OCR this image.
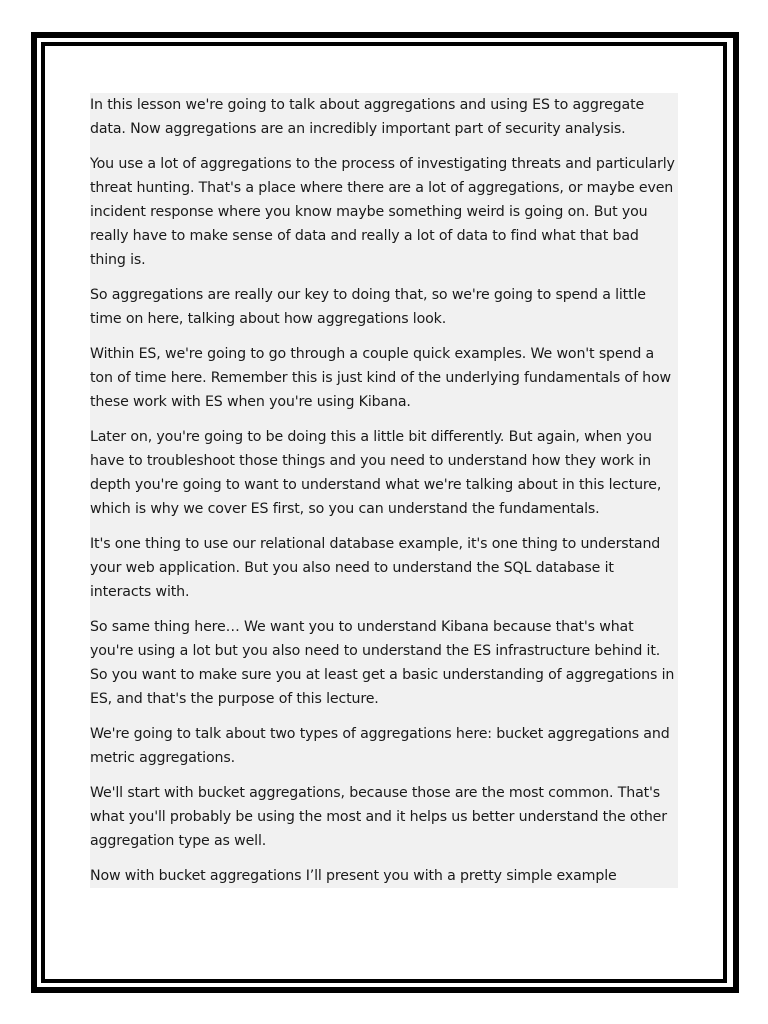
In this lesson we're going to talk about aggregations and using ES to aggregate data. Now aggregations are an incredibly important part of security analysis.

You use a lot of aggregations to the process of investigating threats and particularly threat hunting. That's a place where there are a lot of aggregations, or maybe even incident response where you know maybe something weird is going on. But you really have to make sense of data and really a lot of data to find what that bad thing is.

So aggregations are really our key to doing that, so we're going to spend a little time on here, talking about how aggregations look.

Within ES, we're going to go through a couple quick examples. We won't spend a ton of time here. Remember this is just kind of the underlying fundamentals of how these work with ES when you're using Kibana.

Later on, you're going to be doing this a little bit differently. But again, when you have to troubleshoot those things and you need to understand how they work in depth you're going to want to understand what we're talking about in this lecture, which is why we cover ES first, so you can understand the fundamentals.

It's one thing to use our relational database example, it's one thing to understand your web application. But you also need to understand the SQL database it interacts with.

So same thing here… We want you to understand Kibana because that's what you're using a lot but you also need to understand the ES infrastructure behind it. So you want to make sure you at least get a basic understanding of aggregations in ES, and that's the purpose of this lecture.

We're going to talk about two types of aggregations here: bucket aggregations and metric aggregations.

We'll start with bucket aggregations, because those are the most common. That's what you'll probably be using the most and it helps us better understand the other aggregation type as well.

Now with bucket aggregations I’ll present you with a pretty simple example
